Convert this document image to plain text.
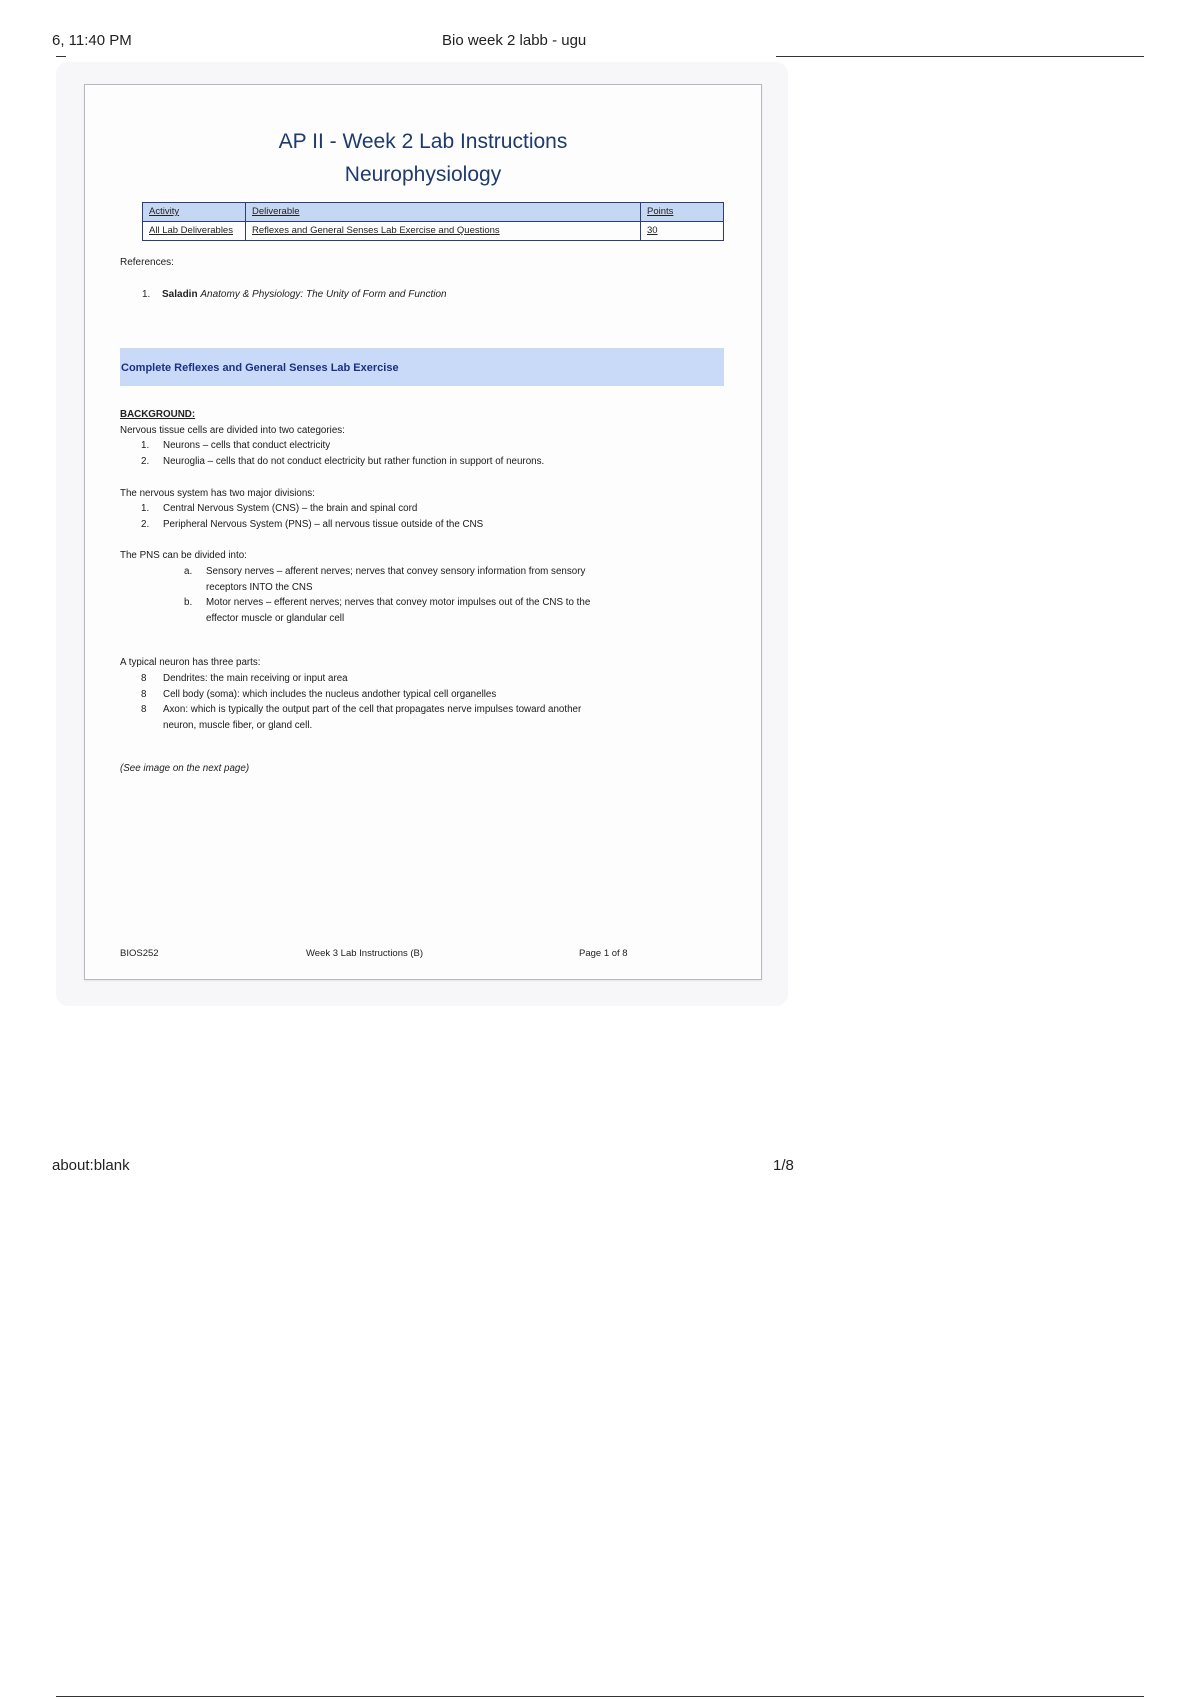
6, 11:40 PM	Bio week 2 labb - ugu
AP II - Week 2 Lab Instructions
Neurophysiology
Activity	Deliverable	Points
All Lab Deliverables	Reflexes and General Senses Lab Exercise and Questions	30
References:
1. Saladin Anatomy & Physiology: The Unity of Form and Function
Complete Reflexes and General Senses Lab Exercise
BACKGROUND:
Nervous tissue cells are divided into two categories:
1. Neurons – cells that conduct electricity
2. Neuroglia – cells that do not conduct electricity but rather function in support of neurons.
The nervous system has two major divisions:
1. Central Nervous System (CNS) – the brain and spinal cord
2. Peripheral Nervous System (PNS) – all nervous tissue outside of the CNS
The PNS can be divided into:
a. Sensory nerves – afferent nerves; nerves that convey sensory information from sensory
receptors INTO the CNS
b. Motor nerves – efferent nerves; nerves that convey motor impulses out of the CNS to the
effector muscle or glandular cell
A typical neuron has three parts:
8 Dendrites: the main receiving or input area
8 Cell body (soma): which includes the nucleus andother typical cell organelles
8 Axon: which is typically the output part of the cell that propagates nerve impulses toward another
neuron, muscle fiber, or gland cell.
(See image on the next page)
BIOS252	Week 3 Lab Instructions (B)	Page 1 of 8
about:blank	1/8
